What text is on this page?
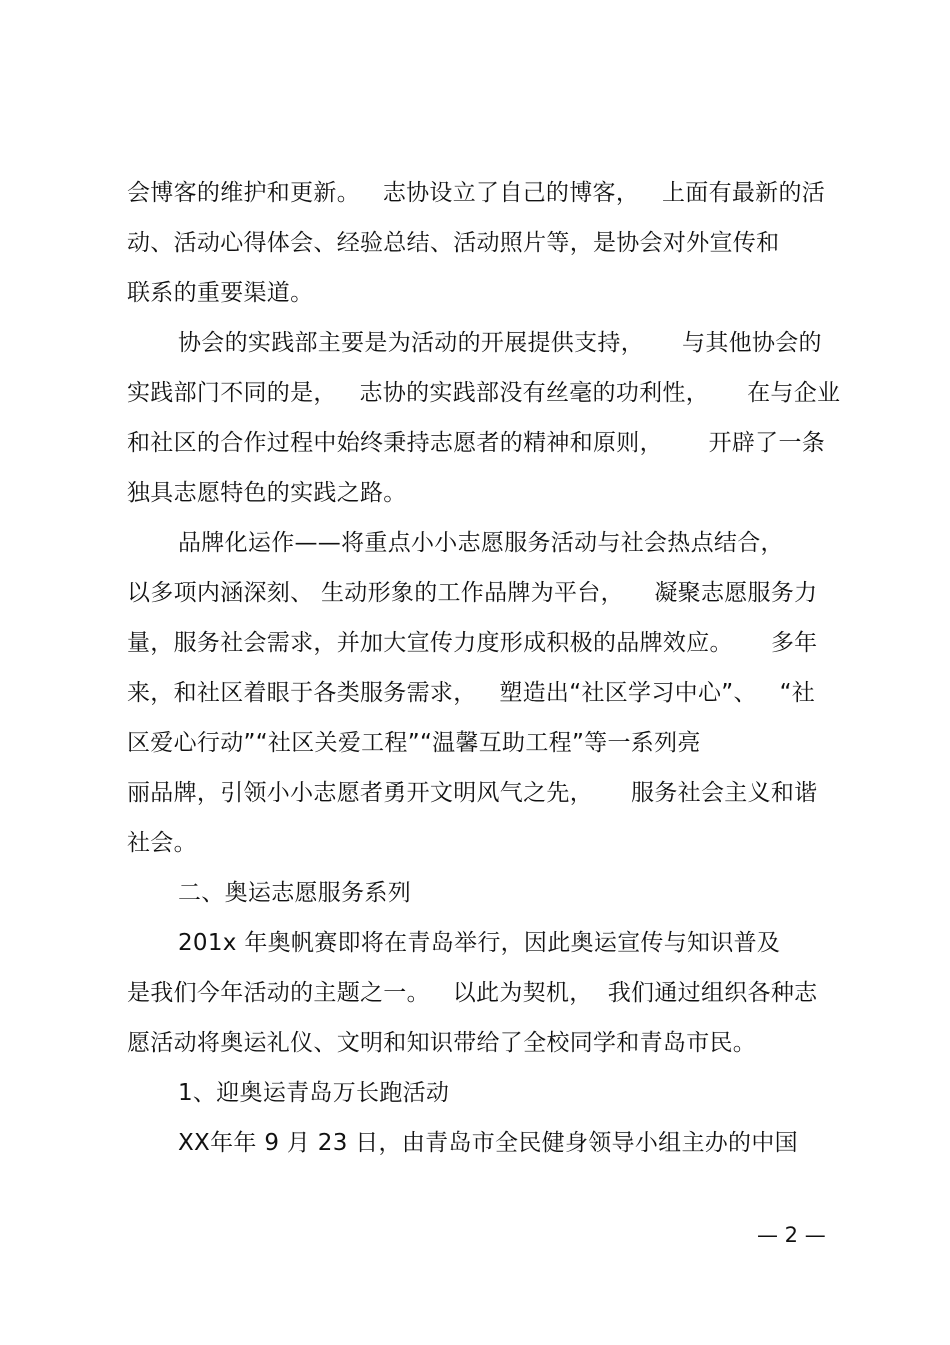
会博客的维护和更新。   志协设立了自己的博客，   上面有最新的活
动、活动心得体会、经验总结、活动照片等，是协会对外宣传和
联系的重要渠道。
协会的实践部主要是为活动的开展提供支持，     与其他协会的
实践部门不同的是，   志协的实践部没有丝毫的功利性，     在与企业
和社区的合作过程中始终秉持志愿者的精神和原则，      开辟了一条
独具志愿特色的实践之路。
品牌化运作——将重点小小志愿服务活动与社会热点结合，
以多项内涵深刻、 生动形象的工作品牌为平台，    凝聚志愿服务力
量，服务社会需求，并加大宣传力度形成积极的品牌效应。     多年
来，和社区着眼于各类服务需求，   塑造出“社区学习中心”、   “社
区爱心行动”“社区关爱工程”“温馨互助工程”等一系列亮
丽品牌，引领小小志愿者勇开文明风气之先，     服务社会主义和谐
社会。
二、奥运志愿服务系列
201x 年奥帆赛即将在青岛举行，因此奥运宣传与知识普及
是我们今年活动的主题之一。   以此为契机，  我们通过组织各种志
愿活动将奥运礼仪、文明和知识带给了全校同学和青岛市民。
1、迎奥运青岛万长跑活动
XX年年 9 月 23 日，由青岛市全民健身领导小组主办的中国
— 2 —
